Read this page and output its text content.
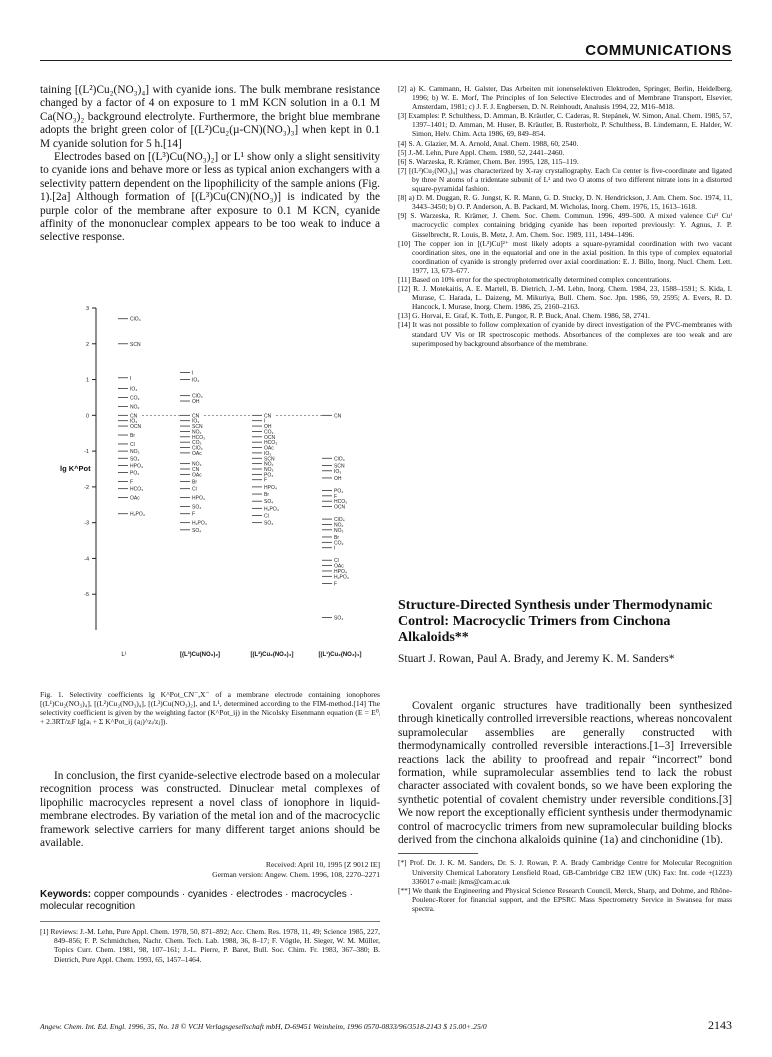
COMMUNICATIONS

taining [(L²)Cu₂(NO₃)₄] with cyanide ions. The bulk membrane resistance changed by a factor of 4 on exposure to 1 mM KCN solution in a 0.1 M Ca(NO₃)₂ background electrolyte. Furthermore, the bright blue membrane adopts the bright green color of [(L²)Cu₂(µ-CN)(NO₃)₃] when kept in 0.1 M cyanide solution for 5 h.[14]

Electrodes based on [(L³)Cu(NO₃)₂] or L¹ show only a slight sensitivity to cyanide ions and behave more or less as typical anion exchangers with a selectivity pattern dependent on the lipophilicity of the sample anions (Fig. 1).[2a] Although formation of [(L³)Cu(CN)(NO₃)] is indicated by the purple color of the membrane after exposure to 0.1 M KCN, cyanide affinity of the mononuclear complex appears to be too weak to induce a selective response.

3
2
1
0
-1
-2
-3
-4
-5
lg K^Pot
ClO₄
SCN
I
IO₄
CO₃
NO₂
CN
IO₃
OCN
Br
Cl
NO₃
SO₄
HPO₄
PO₄
F
HCO₃
OAc
H₂PO₄
I
IO₄
ClO₄
OH
CN
IO₃
SCN
NO₂
HCO₃
CO₃
ClO₄
OAc
NO₃
CN
OAc
Br
Cl
HPO₄
SO₄
F
H₂PO₄
SO₄
CN
I
OH
CO₃
OCN
HCO₃
OAc
IO₃
SCN
NO₂
NO₃
PO₄
F
HPO₄
Br
SO₄
H₂PO₄
Cl
SO₄
CN
ClO₄
SCN
IO₃
OH
PO₄
F
HCO₃
OCN
ClO₄
NO₂
NO₃
Br
CO₃
I
Cl
OAc
HPO₄
H₂PO₄
F
SO₄
L¹	[(L³)Cu(NO₃)₂]	[(L²)Cu₂(NO₃)₄]	[(L¹)Cu₂(NO₃)₄]

Fig. 1. Selectivity coefficients lg K^Pot_CN⁻,X⁻ of a membrane electrode containing ionophores [(L¹)Cu₂(NO₃)₄], [(L²)Cu₂(NO₃)₄], [(L³)Cu(NO₃)₂], and L¹, determined according to the FIM-method.[14] The selectivity coefficient is given by the weighting factor (K^Pot_ij) in the Nicolsky Eisenmann equation (E = E⁰ᵢ + 2.3RT/zᵢF lg[aᵢ + Σ K^Pot_ij (aⱼ)^zᵢ/zⱼ]).

In conclusion, the first cyanide-selective electrode based on a molecular recognition process was constructed. Dinuclear metal complexes of lipophilic macrocycles represent a novel class of ionophore in liquid-membrane electrodes. By variation of the metal ion and of the macrocyclic framework selective carriers for many different target anions should be available.

Received: April 10, 1995 [Z 9012 IE]
German version: Angew. Chem. 1996, 108, 2270–2271
Keywords: copper compounds · cyanides · electrodes · macrocycles · molecular recognition

[1] Reviews: J.-M. Lehn, Pure Appl. Chem. 1978, 50, 871–892; Acc. Chem. Res. 1978, 11, 49; Science 1985, 227, 849–856; F. P. Schmidtchen, Nachr. Chem. Tech. Lab. 1988, 36, 8–17; F. Vögtle, H. Sieger, W. M. Müller, Topics Curr. Chem. 1981, 98, 107–161; J.-L. Pierre, P. Baret, Bull. Soc. Chim. Fr. 1983, 367–380; B. Dietrich, Pure Appl. Chem. 1993, 65, 1457–1464.

[2] a) K. Cammann, H. Galster, Das Arbeiten mit ionenselektiven Elektroden, Springer, Berlin, Heidelberg, 1996; b) W. E. Morf, The Principles of Ion Selective Electrodes and of Membrane Transport, Elsevier, Amsterdam, 1981; c) J. F. J. Engbersen, D. N. Reinhoudt, Analusis 1994, 22, M16–M18.

[3] Examples: P. Schulthess, D. Amman, B. Kräutler, C. Caderas, R. Stepánek, W. Simon, Anal. Chem. 1985, 57, 1397–1401; D. Amman, M. Huser, B. Kräutler, B. Rusterholz, P. Schulthess, B. Lindemann, E. Halder, W. Simon, Helv. Chim. Acta 1986, 69, 849–854.

[4] S. A. Glazier, M. A. Arnold, Anal. Chem. 1988, 60, 2540.

[5] J.-M. Lehn, Pure Appl. Chem. 1980, 52, 2441–2460.

[6] S. Warzeska, R. Krämer, Chem. Ber. 1995, 128, 115–119.

[7] [(L²)Cu₂(NO₃)₄] was characterized by X-ray crystallography. Each Cu center is five-coordinate and ligated by three N atoms of a tridentate subunit of L² and two O atoms of two different nitrate ions in a distorted square-pyramidal fashion.

[8] a) D. M. Duggan, R. G. Jungst, K. R. Mann, G. D. Stucky, D. N. Hendrickson, J. Am. Chem. Soc. 1974, 11, 3443–3450; b) O. P. Anderson, A. B. Packard, M. Wicholas, Inorg. Chem. 1976, 15, 1613–1618.

[9] S. Warzeska, R. Krämer, J. Chem. Soc. Chem. Commun. 1996, 499–500. A mixed valence Cuᴵᴵ Cuᴵ macrocyclic complex containing bridging cyanide has been reported previously: Y. Agnus, J. P. Gisselbrecht, R. Louis, B. Metz, J. Am. Chem. Soc. 1989, 111, 1494–1496.

[10] The copper ion in [(L³)Cu]²⁺ most likely adopts a square-pyramidal coordination with two vacant coordination sites, one in the equatorial and one in the axial position. In this type of complex equatorial coordination of cyanide is strongly preferred over axial coordination: E. J. Billo, Inorg. Nucl. Chem. Lett. 1977, 13, 673–677.

[11] Based on 10% error for the spectrophotometrically determined complex concentrations.

[12] R. J. Motekaitis, A. E. Martell, B. Dietrich, J.-M. Lehn, Inorg. Chem. 1984, 23, 1588–1591; S. Kida, I. Murase, C. Harada, L. Daizeng, M. Mikuriya, Bull. Chem. Soc. Jpn. 1986, 59, 2595; A. Evers, R. D. Hancock, I. Murase, Inorg. Chem. 1986, 25, 2160–2163.

[13] G. Horvai, E. Graf, K. Toth, E. Pungor, R. P. Buck, Anal. Chem. 1986, 58, 2741.

[14] It was not possible to follow complexation of cyanide by direct investigation of the PVC-membranes with standard UV Vis or IR spectroscopic methods. Absorbances of the complexes are too weak and are superimposed by background absorbance of the membrane.

Structure-Directed Synthesis under Thermodynamic Control: Macrocyclic Trimers from Cinchona Alkaloids**

Stuart J. Rowan, Paul A. Brady, and Jeremy K. M. Sanders*

Covalent organic structures have traditionally been synthesized through kinetically controlled irreversible reactions, whereas noncovalent supramolecular assemblies are generally constructed with thermodynamically controlled reversible interactions.[1–3] Irreversible reactions lack the ability to proofread and repair “incorrect” bond formation, while supramolecular assemblies tend to lack the robust character associated with covalent bonds, so we have been exploring the synthetic potential of covalent chemistry under reversible conditions.[3] We now report the exceptionally efficient synthesis under thermodynamic control of macrocyclic trimers from new supramolecular building blocks derived from the cinchona alkaloids quinine (1a) and cinchonidine (1b).

[*] Prof. Dr. J. K. M. Sanders, Dr. S. J. Rowan, P. A. Brady Cambridge Centre for Molecular Recognition University Chemical Laboratory Lensfield Road, GB-Cambridge CB2 1EW (UK) Fax: Int. code +(1223) 336017 e-mail: jkms@cam.ac.uk

[**] We thank the Engineering and Physical Science Research Council, Merck, Sharp, and Dohme, and Rhône-Poulenc-Rorer for financial support, and the EPSRC Mass Spectrometry Service in Swansea for mass spectra.

Angew. Chem. Int. Ed. Engl. 1996, 35, No. 18 © VCH Verlagsgesellschaft mbH, D-69451 Weinheim, 1996 0570-0833/96/3518-2143 $ 15.00+.25/0	2143
